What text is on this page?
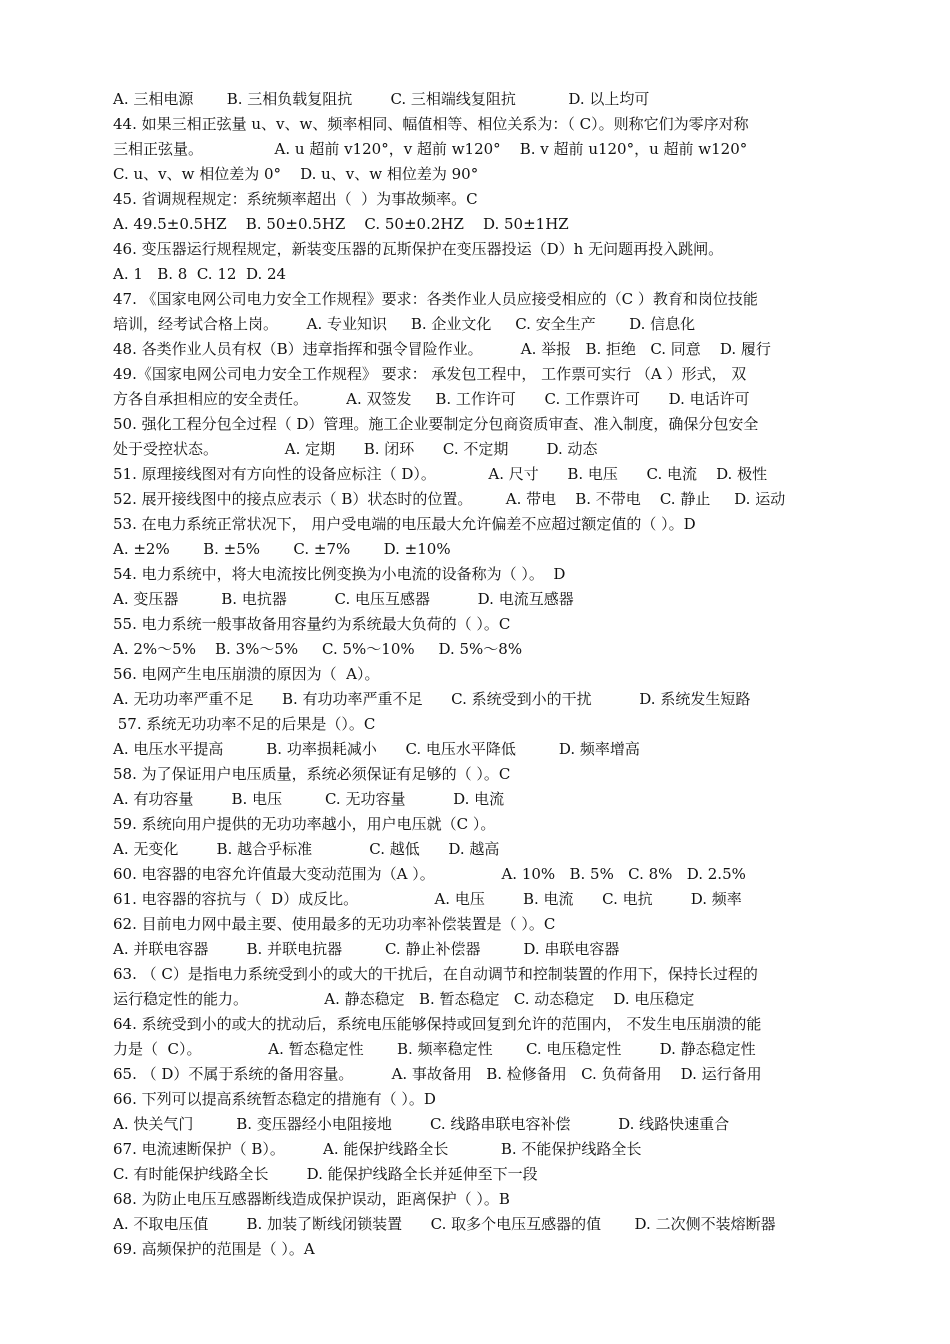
A. 三相电源       B. 三相负载复阻抗        C. 三相端线复阻抗           D. 以上均可
44. 如果三相正弦量 u、v、w、频率相同、幅值相等、相位关系为：（ C）。则称它们为零序对称
三相正弦量。               A. u 超前 v120°，v 超前 w120°    B. v 超前 u120°，u 超前 w120°
C. u、v、w 相位差为 0°    D. u、v、w 相位差为 90°
45. 省调规程规定：系统频率超出（  ）为事故频率。C
A. 49.5±0.5HZ    B. 50±0.5HZ    C. 50±0.2HZ    D. 50±1HZ
46. 变压器运行规程规定，新装变压器的瓦斯保护在变压器投运（D）h 无问题再投入跳闸。
A. 1   B. 8  C. 12  D. 24
47. 《国家电网公司电力安全工作规程》要求：各类作业人员应接受相应的（C ）教育和岗位技能
培训，经考试合格上岗。      A. 专业知识     B. 企业文化     C. 安全生产       D. 信息化
48. 各类作业人员有权（B）违章指挥和强令冒险作业。        A. 举报   B. 拒绝   C. 同意    D. 履行
49.《国家电网公司电力安全工作规程》 要求： 承发包工程中， 工作票可实行 （A ）形式， 双
方各自承担相应的安全责任。        A. 双签发     B. 工作许可      C. 工作票许可      D. 电话许可
50. 强化工程分包全过程（ D）管理。施工企业要制定分包商资质审查、准入制度，确保分包安全
处于受控状态。              A. 定期      B. 闭环      C. 不定期        D. 动态
51. 原理接线图对有方向性的设备应标注（ D）。           A. 尺寸      B. 电压      C. 电流    D. 极性
52. 展开接线图中的接点应表示（ B）状态时的位置。       A. 带电    B. 不带电    C. 静止     D. 运动
53. 在电力系统正常状况下， 用户受电端的电压最大允许偏差不应超过额定值的（ ）。D
A. ±2%       B. ±5%       C. ±7%       D. ±10%
54. 电力系统中，将大电流按比例变换为小电流的设备称为（ ）。  D
A. 变压器         B. 电抗器          C. 电压互感器          D. 电流互感器
55. 电力系统一般事故备用容量约为系统最大负荷的（ ）。C
A. 2%～5%    B. 3%～5%     C. 5%～10%     D. 5%～8%
56. 电网产生电压崩溃的原因为（  A）。
A. 无功功率严重不足      B. 有功功率严重不足      C. 系统受到小的干扰          D. 系统发生短路
57. 系统无功功率不足的后果是（）。C
A. 电压水平提高         B. 功率损耗减小      C. 电压水平降低         D. 频率增高
58. 为了保证用户电压质量，系统必须保证有足够的（ ）。C
A. 有功容量        B. 电压         C. 无功容量          D. 电流
59. 系统向用户提供的无功功率越小，用户电压就（C ）。
A. 无变化        B. 越合乎标准            C. 越低      D. 越高
60. 电容器的电容允许值最大变动范围为（A ）。              A. 10%   B. 5%   C. 8%   D. 2.5%
61. 电容器的容抗与（  D）成反比。                A. 电压        B. 电流      C. 电抗        D. 频率
62. 目前电力网中最主要、使用最多的无功功率补偿装置是（ ）。C
A. 并联电容器        B. 并联电抗器         C. 静止补偿器         D. 串联电容器
63. （ C）是指电力系统受到小的或大的干扰后，在自动调节和控制装置的作用下，保持长过程的
运行稳定性的能力。                A. 静态稳定   B. 暂态稳定   C. 动态稳定    D. 电压稳定
64. 系统受到小的或大的扰动后，系统电压能够保持或回复到允许的范围内， 不发生电压崩溃的能
力是（  C）。              A. 暂态稳定性       B. 频率稳定性       C. 电压稳定性        D. 静态稳定性
65. （ D）不属于系统的备用容量。        A. 事故备用   B. 检修备用   C. 负荷备用    D. 运行备用
66. 下列可以提高系统暂态稳定的措施有（ ）。D
A. 快关气门         B. 变压器经小电阻接地        C. 线路串联电容补偿          D. 线路快速重合
67. 电流速断保护（ B）。        A. 能保护线路全长           B. 不能保护线路全长
C. 有时能保护线路全长        D. 能保护线路全长并延伸至下一段
68. 为防止电压互感器断线造成保护误动，距离保护（ ）。B
A. 不取电压值        B. 加装了断线闭锁装置      C. 取多个电压互感器的值       D. 二次侧不装熔断器
69. 高频保护的范围是（ ）。A
